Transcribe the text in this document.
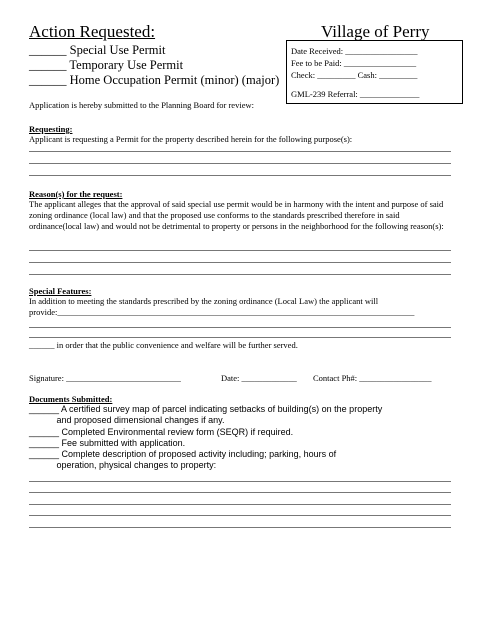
Action Requested:	Village of Perry
______ Special Use Permit
______ Temporary Use Permit
______ Home Occupation Permit (minor) (major)
Date Received: _________________
Fee to be Paid: _________________
Check: _________ Cash: _________
GML-239 Referral: ______________
Application is hereby submitted to the Planning Board for review:
Requesting:
Applicant is requesting a Permit for the property described herein for the following purpose(s):
Reason(s) for the request:
The applicant alleges that the approval of said special use permit would be in harmony with the intent and purpose of said zoning ordinance (local law) and that the proposed use conforms to the standards prescribed therefore in said ordinance(local law) and would not be detrimental to property or persons in the neighborhood for the following reason(s):
Special Features:
In addition to meeting the standards prescribed by the zoning ordinance (Local Law) the applicant will
provide:____________________________________________________________________________________
______ in order that the public convenience and welfare will be further served.
Signature: ___________________________	Date: _____________ Contact Ph#: _________________
Documents Submitted:
______ A certified survey map of parcel indicating setbacks of building(s) on the property
and proposed dimensional changes if any.
______ Completed Environmental review form (SEQR) if required.
______ Fee submitted with application.
______ Complete description of proposed activity including; parking, hours of
operation, physical changes to property:
